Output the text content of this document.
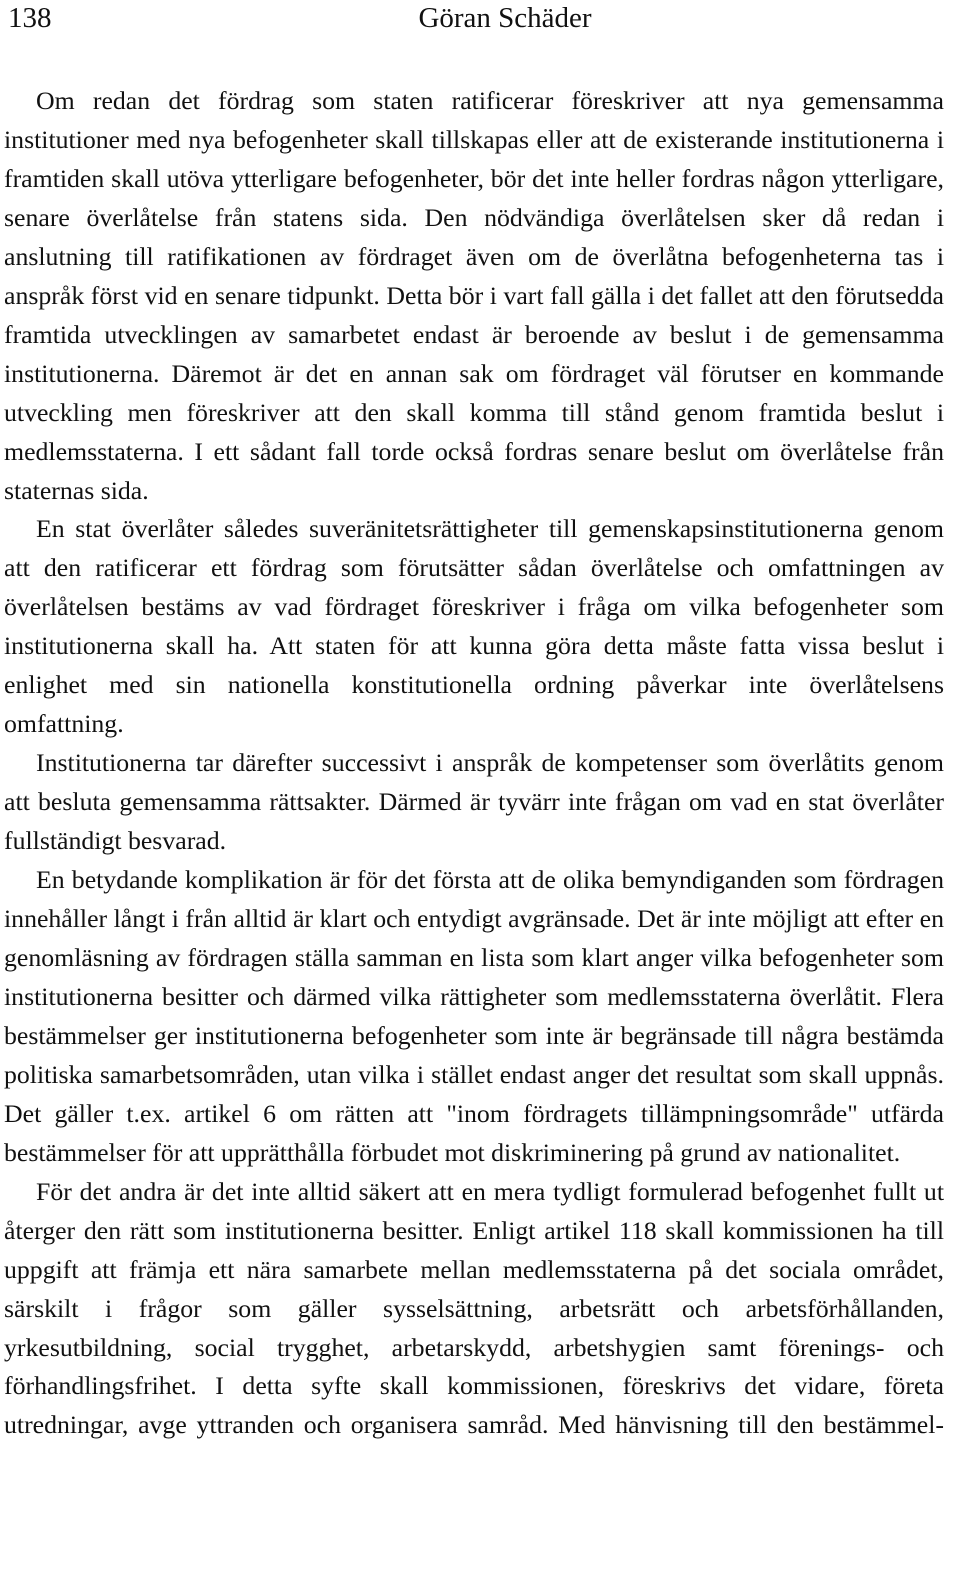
138	Göran Schäder

Om redan det fördrag som staten ratificerar föreskriver att nya gemensamma institutioner med nya befogenheter skall tillskapas eller att de existerande institutionerna i framtiden skall utöva ytterligare befogenheter, bör det inte heller fordras någon ytterligare, senare överlåtelse från statens sida. Den nödvändiga överlåtelsen sker då redan i anslutning till ratifikationen av fördraget även om de överlåtna befogenheterna tas i anspråk först vid en senare tidpunkt. Detta bör i vart fall gälla i det fallet att den förutsedda framtida utvecklingen av samarbetet endast är beroende av beslut i de gemensamma institutionerna. Däremot är det en annan sak om fördraget väl förutser en kommande utveckling men föreskriver att den skall komma till stånd genom framtida beslut i medlemsstaterna. I ett sådant fall torde också fordras senare beslut om överlåtelse från staternas sida.

En stat överlåter således suveränitetsrättigheter till gemenskapsinstitutionerna genom att den ratificerar ett fördrag som förutsätter sådan överlåtelse och omfattningen av överlåtelsen bestäms av vad fördraget föreskriver i fråga om vilka befogenheter som institutionerna skall ha. Att staten för att kunna göra detta måste fatta vissa beslut i enlighet med sin nationella konstitutionella ordning påverkar inte överlåtelsens omfattning.

Institutionerna tar därefter successivt i anspråk de kompetenser som överlåtits genom att besluta gemensamma rättsakter. Därmed är tyvärr inte frågan om vad en stat överlåter fullständigt besvarad.

En betydande komplikation är för det första att de olika bemyndiganden som fördragen innehåller långt i från alltid är klart och entydigt avgränsade. Det är inte möjligt att efter en genomläsning av fördragen ställa samman en lista som klart anger vilka befogenheter som institutionerna besitter och därmed vilka rättigheter som medlemsstaterna överlåtit. Flera bestämmelser ger institutionerna befogenheter som inte är begränsade till några bestämda politiska samarbetsområden, utan vilka i stället endast anger det resultat som skall uppnås. Det gäller t.ex. artikel 6 om rätten att "inom fördragets tillämpningsområde" utfärda bestämmelser för att upprätthålla förbudet mot diskriminering på grund av nationalitet.

För det andra är det inte alltid säkert att en mera tydligt formulerad befogenhet fullt ut återger den rätt som institutionerna besitter. Enligt artikel 118 skall kommissionen ha till uppgift att främja ett nära samarbete mellan medlemsstaterna på det sociala området, särskilt i frågor som gäller sysselsättning, arbetsrätt och arbetsförhållanden, yrkesutbildning, social trygghet, arbetarskydd, arbetshygien samt förenings- och förhandlingsfrihet. I detta syfte skall kommissionen, föreskrivs det vidare, företa utredningar, avge yttranden och organisera samråd. Med hänvisning till den bestämmel-
